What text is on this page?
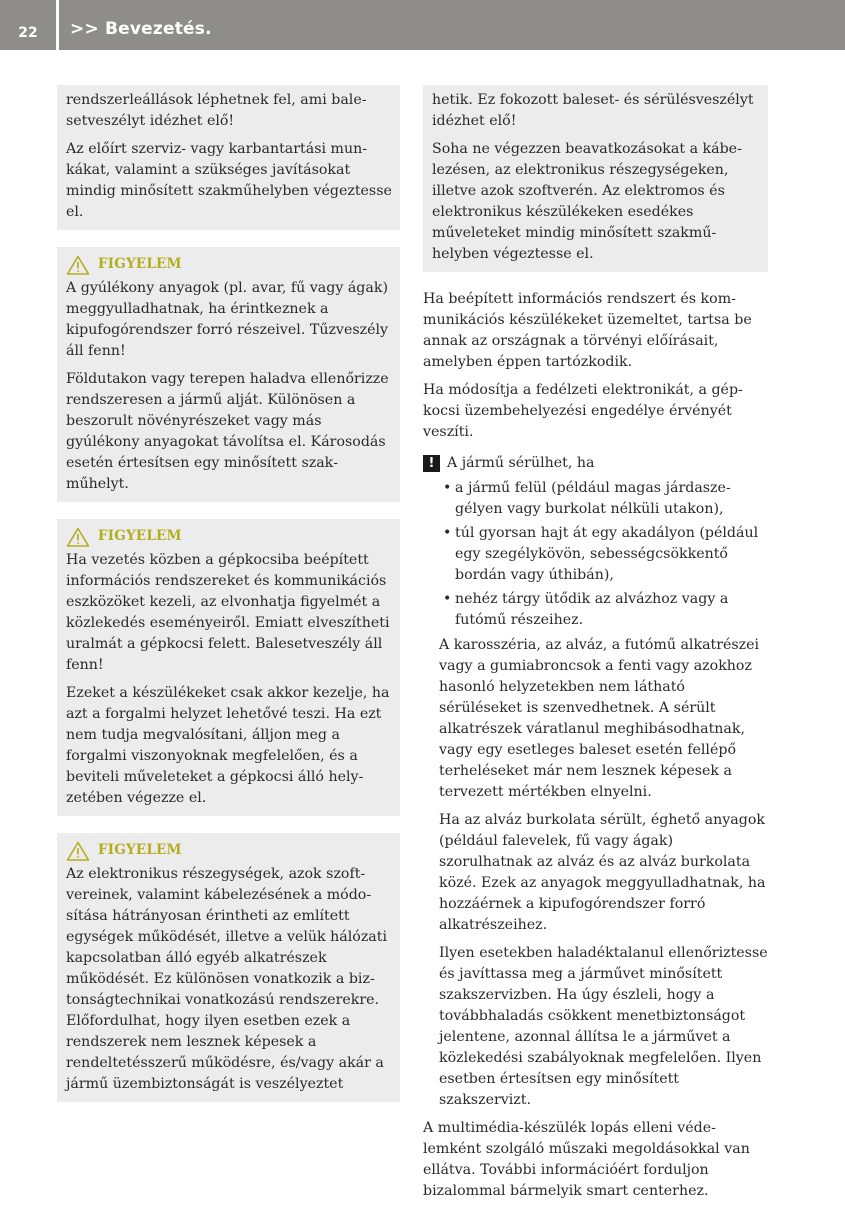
22	>> Bevezetés.

rendszerleállások léphetnek fel, ami balesetveszélyt idézhet elő!

Az előírt szerviz- vagy karbantartási munkákat, valamint a szükséges javításokat mindig minősített szakműhelyben végeztesse el.

FIGYELEM

A gyúlékony anyagok (pl. avar, fű vagy ágak) meggyulladhatnak, ha érintkeznek a kipufogórendszer forró részeivel. Tűzveszély áll fenn!

Földutakon vagy terepen haladva ellenőrizze rendszeresen a jármű alját. Különösen a beszorult növényrészeket vagy más gyúlékony anyagokat távolítsa el. Károsodás esetén értesítsen egy minősített szakműhelyt.

FIGYELEM

Ha vezetés közben a gépkocsiba beépített információs rendszereket és kommunikációs eszközöket kezeli, az elvonhatja figyelmét a közlekedés eseményeiről. Emiatt elveszítheti uralmát a gépkocsi felett. Balesetveszély áll fenn!

Ezeket a készülékeket csak akkor kezelje, ha azt a forgalmi helyzet lehetővé teszi. Ha ezt nem tudja megvalósítani, álljon meg a forgalmi viszonyoknak megfelelően, és a beviteli műveleteket a gépkocsi álló helyzetében végezze el.

FIGYELEM

Az elektronikus részegységek, azok szoftvereinek, valamint kábelezésének a módosítása hátrányosan érintheti az említett egységek működését, illetve a velük hálózati kapcsolatban álló egyéb alkatrészek működését. Ez különösen vonatkozik a biztonságtechnikai vonatkozású rendszerekre. Előfordulhat, hogy ilyen esetben ezek a rendszerek nem lesznek képesek a rendeltetésszerű működésre, és/vagy akár a jármű üzembiztonságát is veszélyeztet

hetik. Ez fokozott baleset- és sérülésveszélyt idézhet elő!

Soha ne végezzen beavatkozásokat a kábelezésen, az elektronikus részegységeken, illetve azok szoftverén. Az elektromos és elektronikus készülékeken esedékes műveleteket mindig minősített szakműhelyben végeztesse el.

Ha beépített információs rendszert és kommunikációs készülékeket üzemeltet, tartsa be annak az országnak a törvényi előírásait, amelyben éppen tartózkodik.

Ha módosítja a fedélzeti elektronikát, a gépkocsi üzembehelyezési engedélye érvényét veszíti.

! A jármű sérülhet, ha
• a jármű felül (például magas járdaszegélyen vagy burkolat nélküli utakon),
• túl gyorsan hajt át egy akadályon (például egy szegélykövön, sebességcsökkentő bordán vagy úthibán),
• nehéz tárgy ütődik az alvázhoz vagy a futómű részeihez.

A karosszéria, az alváz, a futómű alkatrészei vagy a gumiabroncsok a fenti vagy azokhoz hasonló helyzetekben nem látható sérüléseket is szenvedhetnek. A sérült alkatrészek váratlanul meghibásodhatnak, vagy egy esetleges baleset esetén fellépő terheléseket már nem lesznek képesek a tervezett mértékben elnyelni.

Ha az alváz burkolata sérült, éghető anyagok (például falevelek, fű vagy ágak) szorulhatnak az alváz és az alváz burkolata közé. Ezek az anyagok meggyulladhatnak, ha hozzáérnek a kipufogórendszer forró alkatrészeihez.

Ilyen esetekben haladéktalanul ellenőriztesse és javíttassa meg a járművet minősített szakszervizben. Ha úgy észleli, hogy a továbbhaladás csökkent menetbiztonságot jelentene, azonnal állítsa le a járművet a közlekedési szabályoknak megfelelően. Ilyen esetben értesítsen egy minősített szakszervizt.

A multimédia-készülék lopás elleni védelemként szolgáló műszaki megoldásokkal van ellátva. További információért forduljon bizalommal bármelyik smart centerhez.
